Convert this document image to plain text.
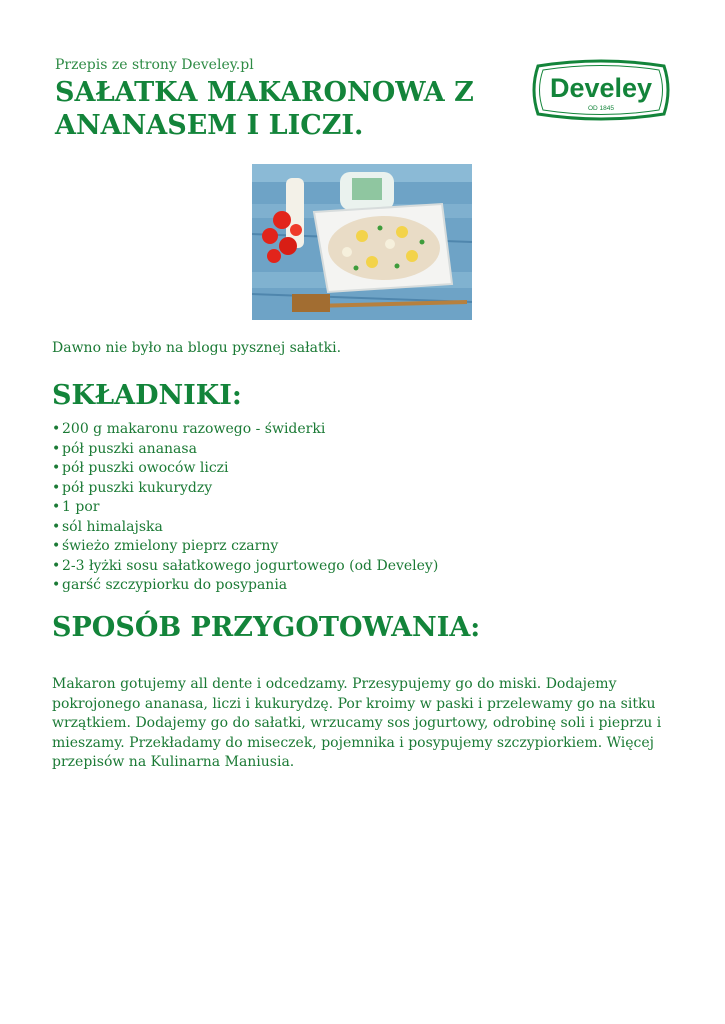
Przepis ze strony Develey.pl
SAŁATKA MAKARONOWA Z ANANASEM I LICZI.
Develey
OD 1845

Dawno nie było na blogu pysznej sałatki.

SKŁADNIKI:
• 200 g makaronu razowego - świderki
• pół puszki ananasa
• pół puszki owoców liczi
• pół puszki kukurydzy
• 1 por
• sól himalajska
• świeżo zmielony pieprz czarny
• 2-3 łyżki sosu sałatkowego jogurtowego (od Develey)
• garść szczypiorku do posypania
SPOSÓB PRZYGOTOWANIA:

Makaron gotujemy all dente i odcedzamy. Przesypujemy go do miski. Dodajemy pokrojonego ananasa, liczi i kukurydzę. Por kroimy w paski i przelewamy go na sitku wrzątkiem. Dodajemy go do sałatki, wrzucamy sos jogurtowy, odrobinę soli i pieprzu i mieszamy. Przekładamy do miseczek, pojemnika i posypujemy szczypiorkiem. Więcej przepisów na Kulinarna Maniusia.
